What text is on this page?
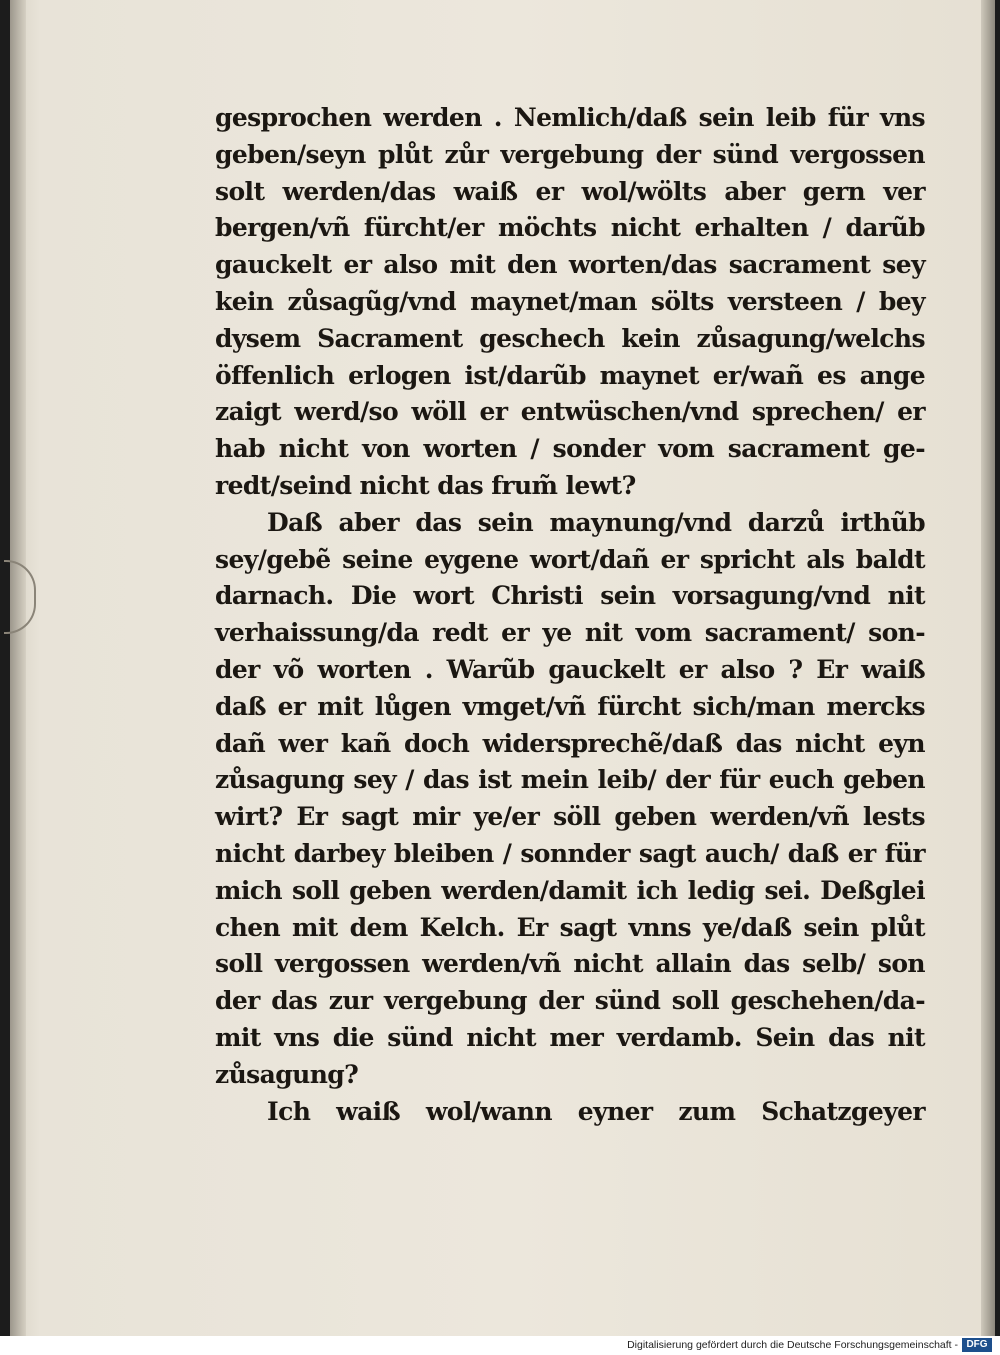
gesprochen werden . Nemlich/daß sein leib für vns
geben/seyn plůt zůr vergebung der sünd vergossen
solt werden/das waiß er wol/wölts aber gern ver
bergen/vñ fürcht/er möchts nicht erhalten / darũb
gauckelt er also mit den worten/das sacrament sey
kein zůsagũg/vnd maynet/man sölts versteen / bey
dysem Sacrament geschech kein zůsagung/welchs
öffenlich erlogen ist/darũb maynet er/wañ es ange
zaigt werd/so wöll er entwüschen/vnd sprechen/ er
hab nicht von worten / sonder vom sacrament ge-
redt/seind nicht das frum̃ lewt?
Daß aber das sein maynung/vnd darzů irthũb
sey/gebẽ seine eygene wort/dañ er spricht als baldt
darnach. Die wort Christi sein vorsagung/vnd nit
verhaissung/da redt er ye nit vom sacrament/ son-
der võ worten . Warũb gauckelt er also ? Er waiß
daß er mit lůgen vmget/vñ fürcht sich/man mercks
dañ wer kañ doch widersprechẽ/daß das nicht eyn
zůsagung sey / das ist mein leib/ der für euch geben
wirt? Er sagt mir ye/er söll geben werden/vñ lests
nicht darbey bleiben / sonnder sagt auch/ daß er für
mich soll geben werden/damit ich ledig sei. Deßglei
chen mit dem Kelch. Er sagt vnns ye/daß sein plůt
soll vergossen werden/vñ nicht allain das selb/ son
der das zur vergebung der sünd soll geschehen/da-
mit vns die sünd nicht mer verdamb. Sein das nit
zůsagung?
Ich waiß wol/wann eyner zum Schatzgeyer
Digitalisierung gefördert durch die Deutsche Forschungsgemeinschaft - DFG
